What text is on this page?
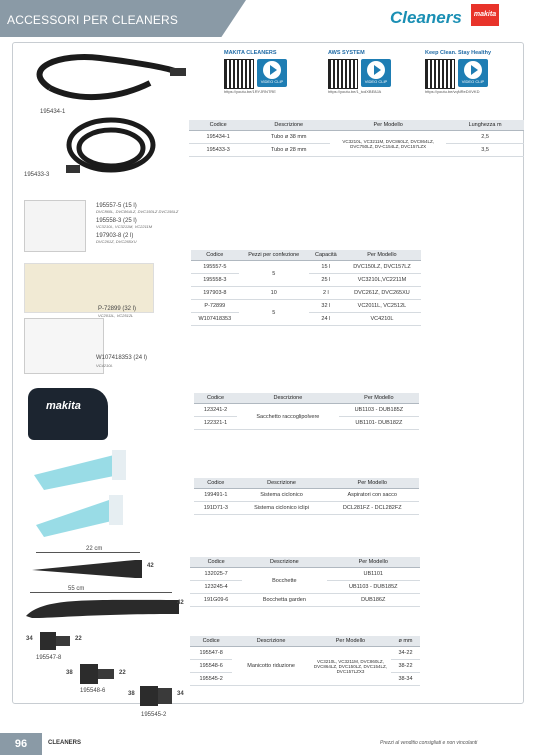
ACCESSORI PER CLEANERS	Cleaners	makita
MAKITA CLEANERS
VIDEO CLIP
https://youtu.be/1RYJRNTRE
AWS SYSTEM
VIDEO CLIP
https://youtu.be/1_tcdXBE8JA
Keep Clean. Stay Healthy
VIDEO CLIP
https://youtu.be/vqNReDXVKD
195434-1
195433-3
Codice	Descrizione	Per Modello	Lunghezza m
195434-1	Tubo ø 38 mm	VC3210L, VC3211M, DVC860LZ, DVC864LZ, DVC750LZ, DV-C154LZ, DVC157LZX	2,5
195433-3	Tubo ø 28 mm		3,5
195557-5 (15 l)
DVC860L, DVC864LZ, DVC150LZ DVC156LZ
195558-3 (25 l)
VC3210L, VC3211M, VC2211M
197903-8 (2 l)
DVC261Z, DVC265XU
P-72899 (32 l)
VC2011L, VC2512L
W107418353 (24 l)
VC4210L
Codice	Pezzi per confezione	Capacità	Per Modello
195557-5	5	15 l	DVC150LZ, DVC157LZ
195558-3		25 l	VC3210L,VC2211M
197903-8	10	2 l	DVC261Z, DVC265XU
P-72899	5	32 l	VC2011L, VC2512L
W107418353		24 l	VC4210L
makita
Codice	Descrizione	Per Modello
123241-2	Sacchetto raccoglipolvere	UB1103 - DUB185Z
122321-1		UB1101- DUB182Z
Codice	Descrizione	Per Modello
199491-1	Sistema ciclonico	Aspiratori con sacco
191D71-3	Sistema ciclonico iclipi	DCL281FZ - DCL282FZ
22 cm
42
55 cm
42
Codice	Descrizione	Per Modello
132025-7	Bocchette	UB1101
123245-4		UB1103 - DUB185Z
191G09-6	Bocchetta garden	DUB186Z
34	22
195547-8
38	22
195548-6	38	34
195545-2
Codice	Descrizione	Per Modello	ø mm
195547-8	Manicotto riduzione	VC3210L, VC3211M, DVC860LZ, DVC864LZ, DVC150LZ, DVC154LZ, DVC157LZX3	34-22
195548-6			38-22
195545-2			38-34
96	CLEANERS	Prezzi al venditio consigliati e non vincolanti
